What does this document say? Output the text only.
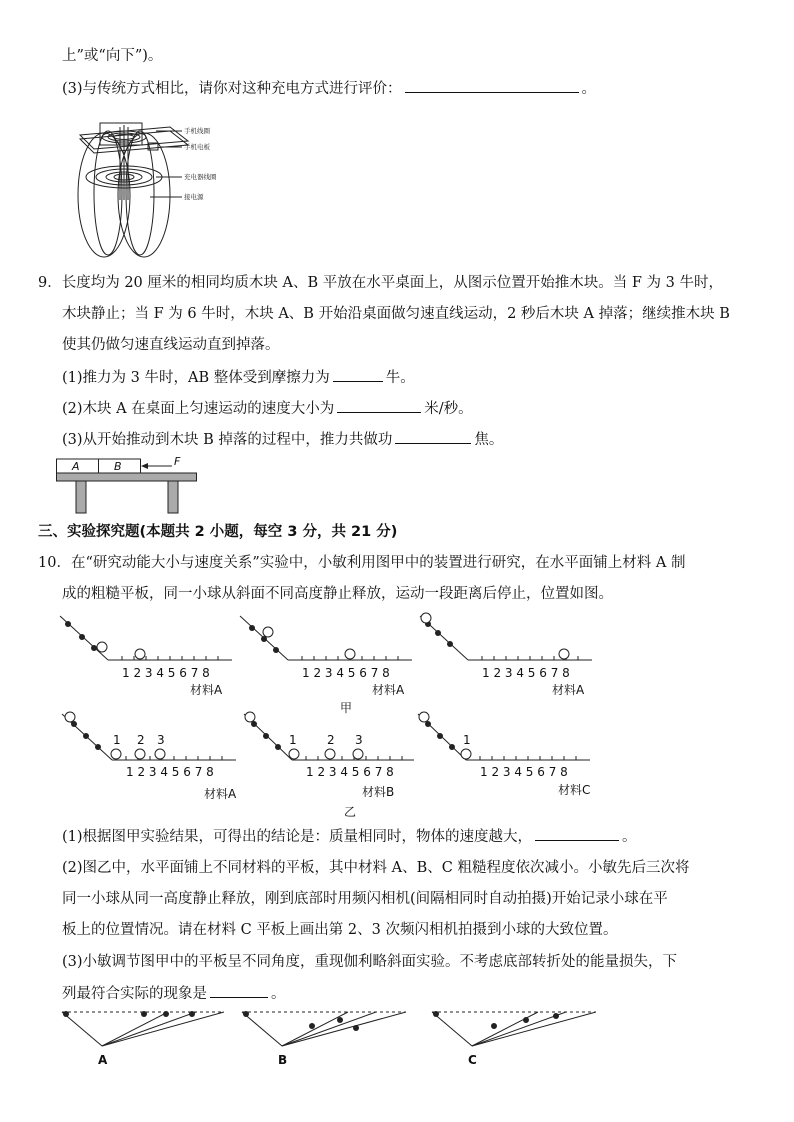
上”或“向下”)。
(3)与传统方式相比，请你对这种充电方式进行评价：	。
手机线圈
手机电板
充电器线圈
接电源
9．长度均为 20 厘米的相同均质木块 A、B 平放在水平桌面上，从图示位置开始推木块。当 F 为 3 牛时，
木块静止；当 F 为 6 牛时，木块 A、B 开始沿桌面做匀速直线运动，2 秒后木块 A 掉落；继续推木块 B
使其仍做匀速直线运动直到掉落。
(1)推力为 3 牛时，AB 整体受到摩擦力为	牛。
(2)木块 A 在桌面上匀速运动的速度大小为	米/秒。
(3)从开始推动到木块 B 掉落的过程中，推力共做功	焦。
A	B	F
三、实验探究题(本题共 2 小题，每空 3 分，共 21 分)
10．在“研究动能大小与速度关系”实验中，小敏利用图甲中的装置进行研究，在水平面铺上材料 A 制
成的粗糙平板，同一小球从斜面不同高度静止释放，运动一段距离后停止，位置如图。
1 2 3 4 5 6 7 8	1 2 3 4 5 6 7 8	1 2 3 4 5 6 7 8
材料A	材料A	材料A
甲
1 2 3	1	2 3	1
1 2 3 4 5 6 7 8	1 2 3 4 5 6 7 8	1 2 3 4 5 6 7 8
材料A	材料B	材料C
乙
(1)根据图甲实验结果，可得出的结论是：质量相同时，物体的速度越大，	。
(2)图乙中，水平面铺上不同材料的平板，其中材料 A、B、C 粗糙程度依次减小。小敏先后三次将
同一小球从同一高度静止释放，刚到底部时用频闪相机(间隔相同时自动拍摄)开始记录小球在平
板上的位置情况。请在材料 C 平板上画出第 2、3 次频闪相机拍摄到小球的大致位置。
(3)小敏调节图甲中的平板呈不同角度，重现伽利略斜面实验。不考虑底部转折处的能量损失，下
列最符合实际的现象是	。
A	B	C
